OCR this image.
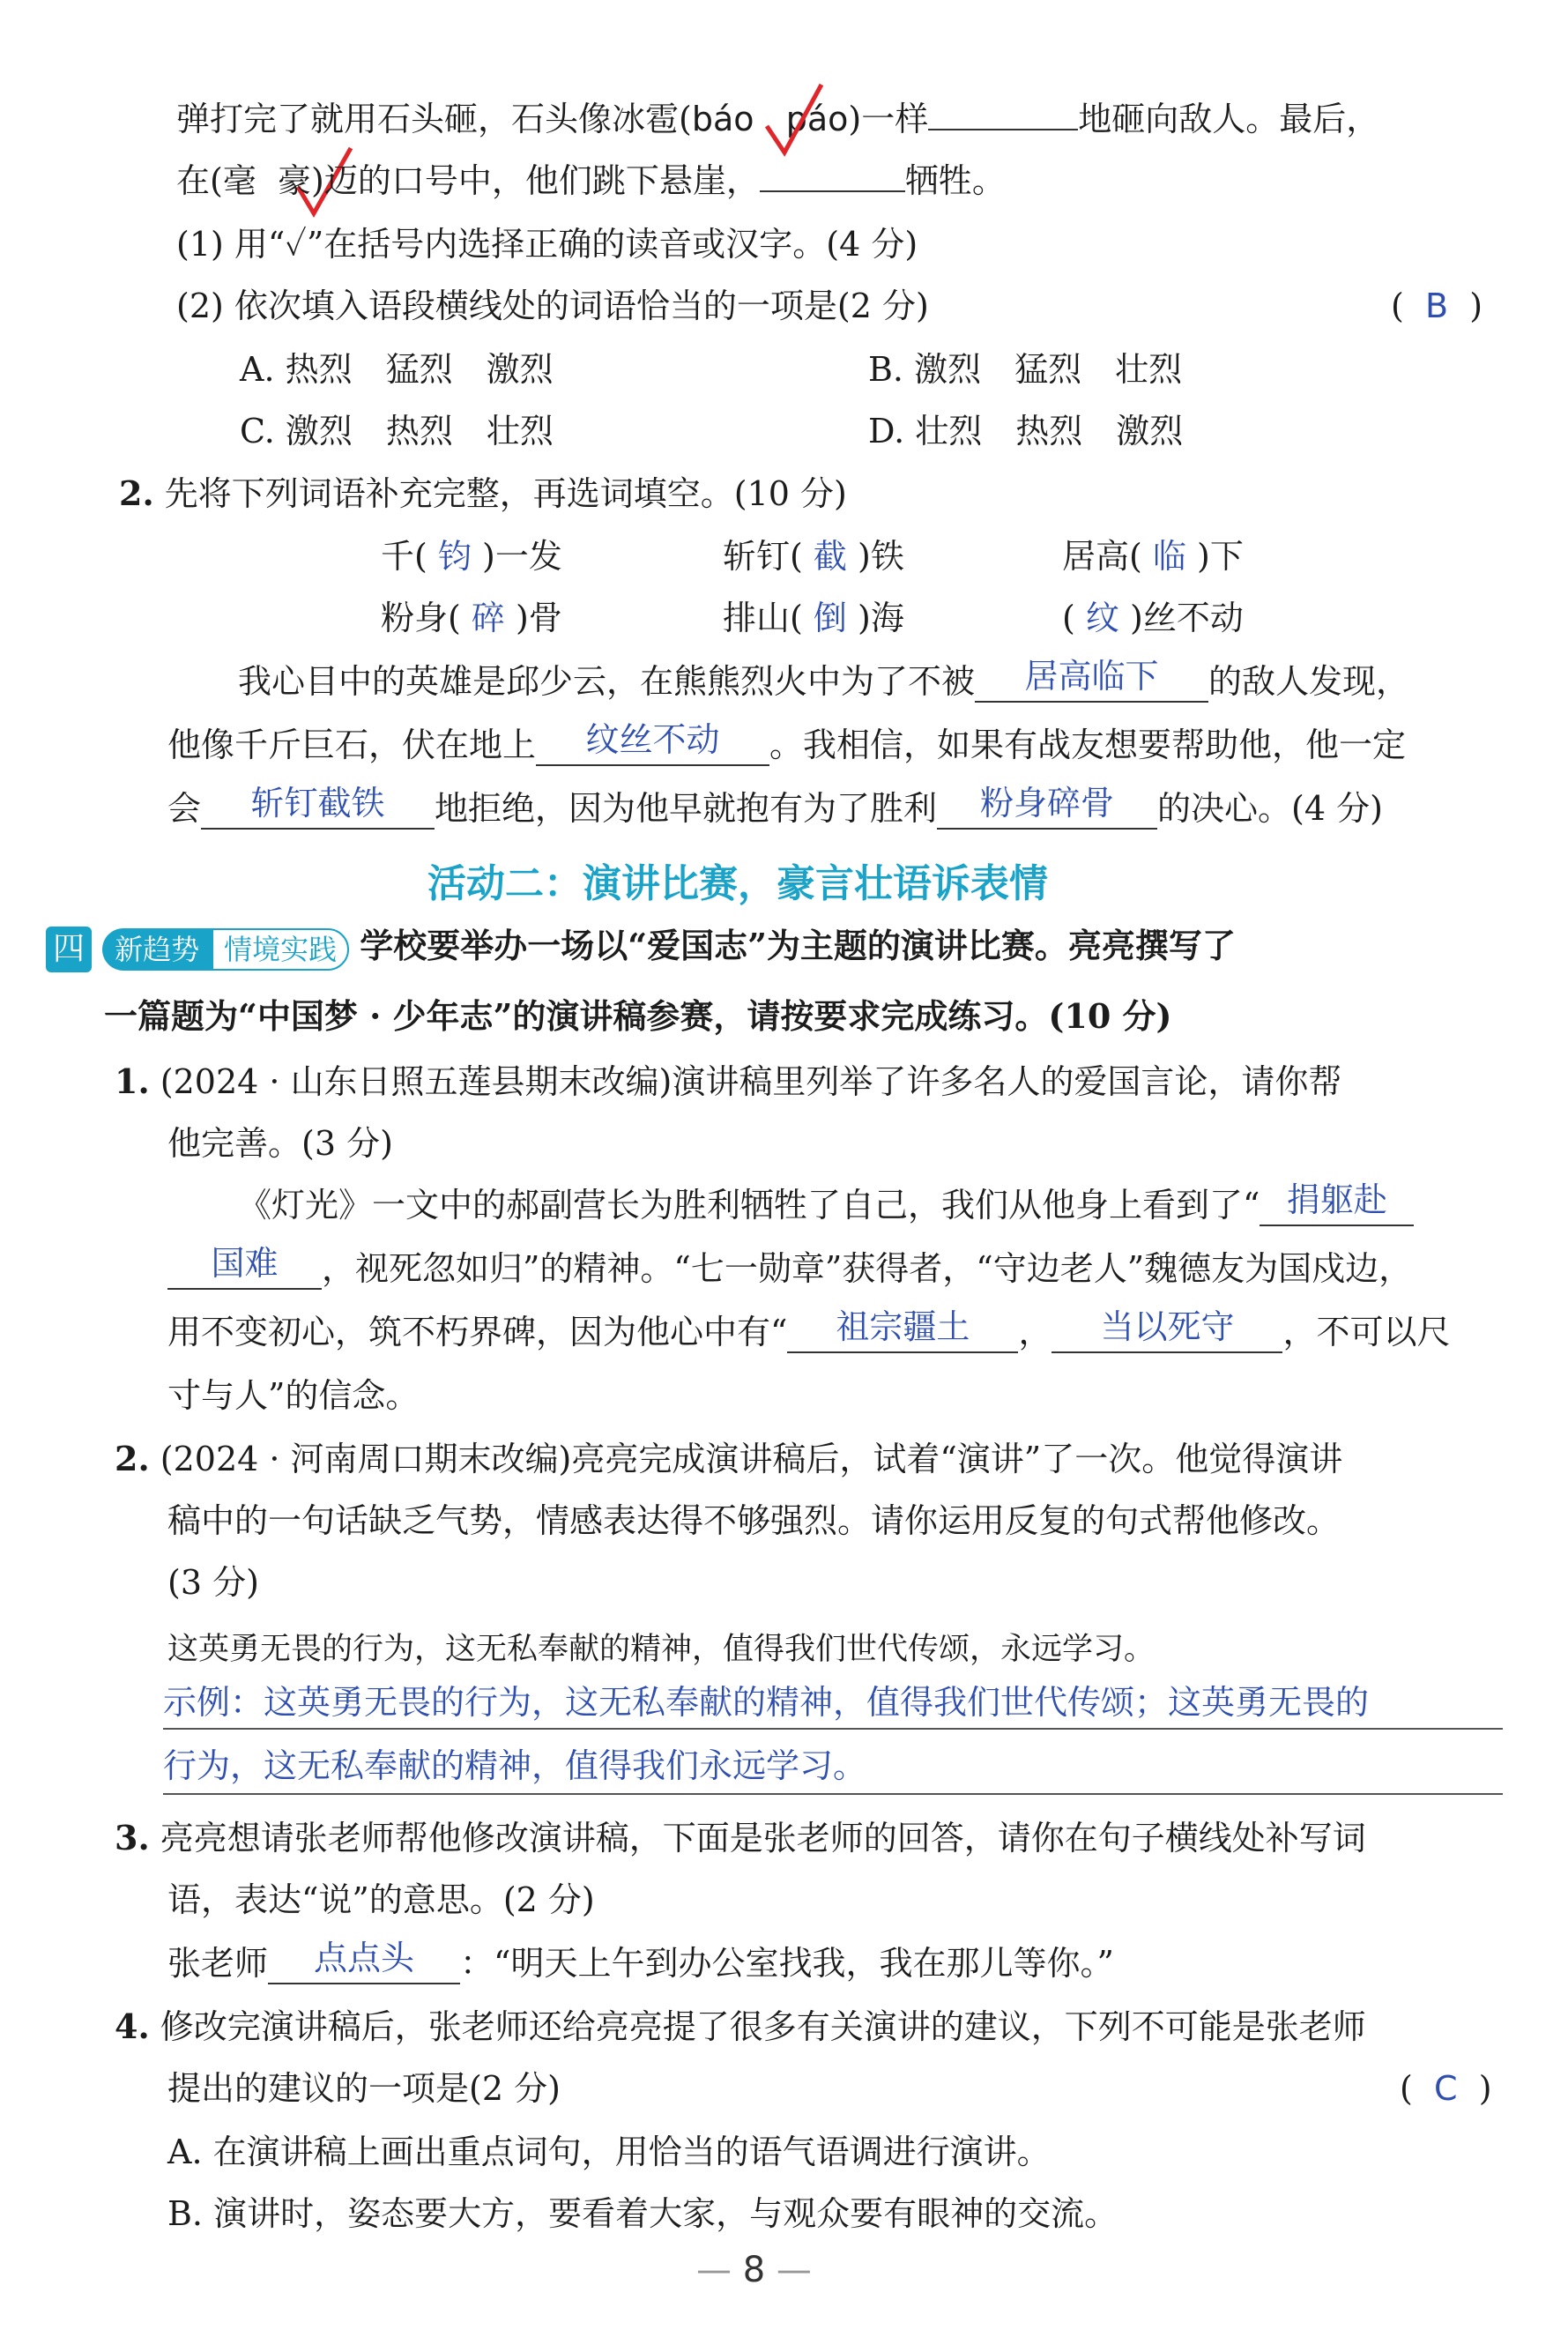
弹打完了就用石头砸，石头像冰雹(báo páo)一样	地砸向敌人。最后，
在(毫 豪)迈的口号中，他们跳下悬崖，	牺牲。
(1) 用“✓”在括号内选择正确的读音或汉字。(4 分)
(2) 依次填入语段横线处的词语恰当的一项是(2 分)	(  B  )
A. 热烈　猛烈　激烈	B. 激烈　猛烈　壮烈
C. 激烈　热烈　壮烈	D. 壮烈　热烈　激烈
2. 先将下列词语补充完整，再选词填空。(10 分)
千( 钧 )一发	斩钉( 截 )铁	居高( 临 )下
粉身( 碎 )骨	排山( 倒 )海	( 纹 )丝不动
我心目中的英雄是邱少云，在熊熊烈火中为了不被 居高临下 的敌人发现，
他像千斤巨石，伏在地上 纹丝不动 。我相信，如果有战友想要帮助他，他一定
会 斩钉截铁 地拒绝，因为他早就抱有为了胜利 粉身碎骨 的决心。(4 分)
活动二：演讲比赛，豪言壮语诉表情
四 新趋势 情境实践 学校要举办一场以“爱国志”为主题的演讲比赛。亮亮撰写了
一篇题为“中国梦 · 少年志”的演讲稿参赛，请按要求完成练习。(10 分)
1. (2024 · 山东日照五莲县期末改编)演讲稿里列举了许多名人的爱国言论，请你帮
他完善。(3 分)
《灯光》一文中的郝副营长为胜利牺牲了自己，我们从他身上看到了“ 捐躯赴
国难 ，视死忽如归”的精神。“七一勋章”获得者，“守边老人”魏德友为国戍边，
用不变初心，筑不朽界碑，因为他心中有“ 祖宗疆土 ， 当以死守 ，不可以尺
寸与人”的信念。
2. (2024 · 河南周口期末改编)亮亮完成演讲稿后，试着“演讲”了一次。他觉得演讲
稿中的一句话缺乏气势，情感表达得不够强烈。请你运用反复的句式帮他修改。
(3 分)
这英勇无畏的行为，这无私奉献的精神，值得我们世代传颂，永远学习。
示例：这英勇无畏的行为，这无私奉献的精神，值得我们世代传颂；这英勇无畏的
行为，这无私奉献的精神，值得我们永远学习。
3. 亮亮想请张老师帮他修改演讲稿，下面是张老师的回答，请你在句子横线处补写词
语，表达“说”的意思。(2 分)
张老师 点点头 ：“明天上午到办公室找我，我在那儿等你。”
4. 修改完演讲稿后，张老师还给亮亮提了很多有关演讲的建议，下列不可能是张老师
提出的建议的一项是(2 分)	(  C  )
A. 在演讲稿上画出重点词句，用恰当的语气语调进行演讲。
B. 演讲时，姿态要大方，要看着大家，与观众要有眼神的交流。
— 8 —
